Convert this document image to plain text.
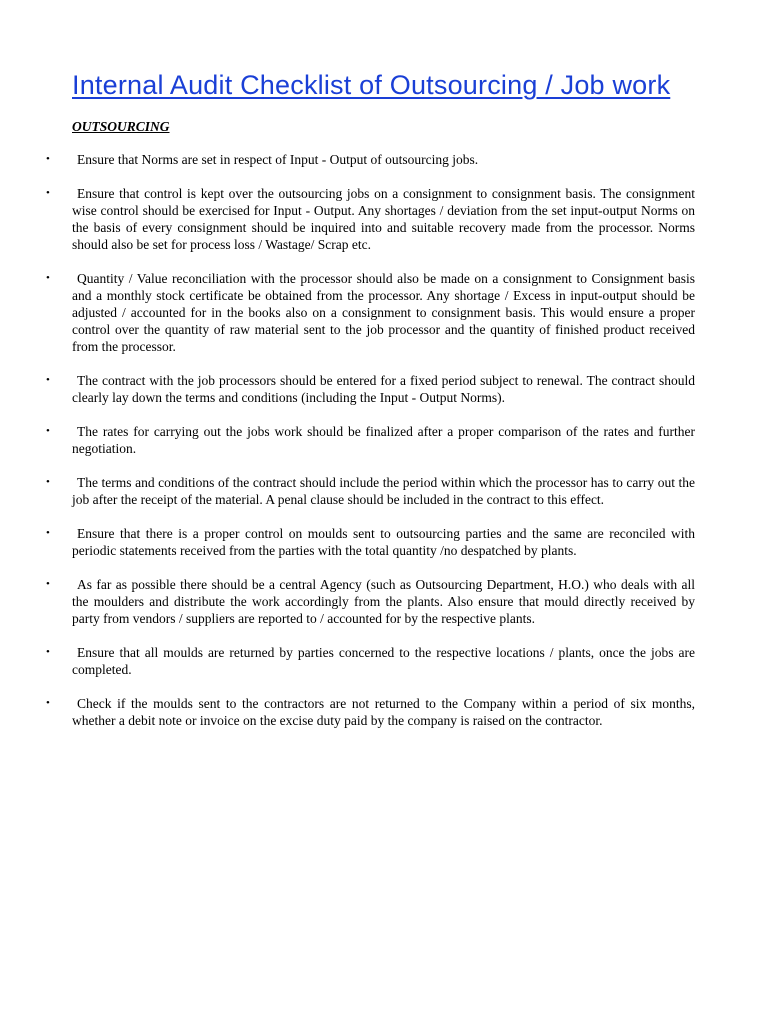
Internal Audit Checklist of Outsourcing / Job work
OUTSOURCING
•	Ensure that Norms are set in respect of Input - Output of outsourcing jobs.
•	Ensure that control is kept over the outsourcing jobs on a consignment to consignment basis. The consignment wise control should be exercised for Input - Output. Any shortages / deviation from the set input-output Norms on the basis of every consignment should be inquired into and suitable recovery made from the processor. Norms should also be set for process loss / Wastage/ Scrap etc.
•	Quantity / Value reconciliation with the processor should also be made on a consignment to Consignment basis and a monthly stock certificate be obtained from the processor. Any shortage / Excess in input-output should be adjusted / accounted for in the books also on a consignment to consignment basis. This would ensure a proper control over the quantity of raw material sent to the job processor and the quantity of finished product received from the processor.
•	The contract with the job processors should be entered for a fixed period subject to renewal. The contract should clearly lay down the terms and conditions (including the Input - Output Norms).
•	The rates for carrying out the jobs work should be finalized after a proper comparison of the rates and further negotiation.
•	The terms and conditions of the contract should include the period within which the processor has to carry out the job after the receipt of the material. A penal clause should be included in the contract to this effect.
•	Ensure that there is a proper control on moulds sent to outsourcing parties and the same are reconciled with periodic statements received from the parties with the total quantity /no despatched by plants.
•	As far as possible there should be a central Agency (such as Outsourcing Department, H.O.) who deals with all the moulders and distribute the work accordingly from the plants. Also ensure that mould directly received by party from vendors / suppliers are reported to / accounted for by the respective plants.
•	Ensure that all moulds are returned by parties concerned to the respective locations / plants, once the jobs are completed.
•	Check if the moulds sent to the contractors are not returned to the Company within a period of six months, whether a debit note or invoice on the excise duty paid by the company is raised on the contractor.
